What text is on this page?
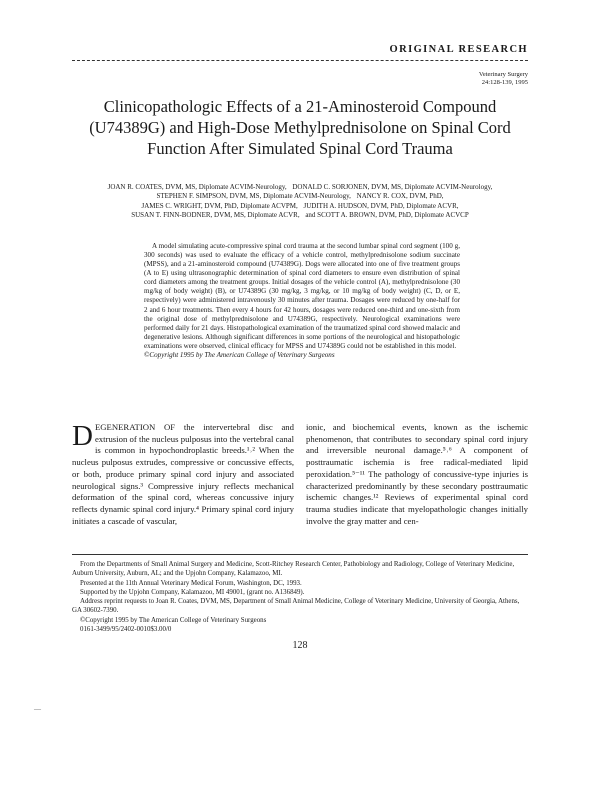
ORIGINAL RESEARCH
Veterinary Surgery
24:128-139, 1995
Clinicopathologic Effects of a 21-Aminosteroid Compound
(U74389G) and High-Dose Methylprednisolone on Spinal Cord
Function After Simulated Spinal Cord Trauma
JOAN R. COATES, DVM, MS, Diplomate ACVIM-Neurology, DONALD C. SORJONEN, DVM, MS, Diplomate ACVIM-Neurology,
STEPHEN F. SIMPSON, DVM, MS, Diplomate ACVIM-Neurology, NANCY R. COX, DVM, PhD,
JAMES C. WRIGHT, DVM, PhD, Diplomate ACVPM, JUDITH A. HUDSON, DVM, PhD, Diplomate ACVR,
SUSAN T. FINN-BODNER, DVM, MS, Diplomate ACVR, and SCOTT A. BROWN, DVM, PhD, Diplomate ACVCP

A model simulating acute-compressive spinal cord trauma at the second lumbar spinal cord segment (100 g, 300 seconds) was used to evaluate the efficacy of a vehicle control, methylprednisolone sodium succinate (MPSS), and a 21-aminosteroid compound (U74389G). Dogs were allocated into one of five treatment groups (A to E) using ultrasonographic determination of spinal cord diameters to ensure even distribution of spinal cord diameters among the treatment groups. Initial dosages of the vehicle control (A), methylprednisolone (30 mg/kg of body weight) (B), or U74389G (30 mg/kg, 3 mg/kg, or 10 mg/kg of body weight) (C, D, or E, respectively) were administered intravenously 30 minutes after trauma. Dosages were reduced by one-half for 2 and 6 hour treatments. Then every 4 hours for 42 hours, dosages were reduced one-third and one-sixth from the original dose of methylprednisolone and U74389G, respectively. Neurological examinations were performed daily for 21 days. Histopathological examination of the traumatized spinal cord showed malacic and degenerative lesions. Although significant differences in some portions of the neurological and histopathologic examinations were observed, clinical efficacy for MPSS and U74389G could not be established in this model.

©Copyright 1995 by The American College of Veterinary Surgeons

DEGENERATION OF the intervertebral disc and extrusion of the nucleus pulposus into the vertebral canal is common in hypochondroplastic breeds.¹˒² When the nucleus pulposus extrudes, compressive or concussive effects, or both, produce primary spinal cord injury and associated neurological signs.³ Compressive injury reflects mechanical deformation of the spinal cord, whereas concussive injury reflects dynamic spinal cord injury.⁴ Primary spinal cord injury initiates a cascade of vascular,

ionic, and biochemical events, known as the ischemic phenomenon, that contributes to secondary spinal cord injury and irreversible neuronal damage.⁵˒⁶ A component of posttraumatic ischemia is free radical-mediated lipid peroxidation.⁵⁻¹¹ The pathology of concussive-type injuries is characterized predominantly by these secondary posttraumatic ischemic changes.¹² Reviews of experimental spinal cord trauma studies indicate that myelopathologic changes initially involve the gray matter and cen-

From the Departments of Small Animal Surgery and Medicine, Scott-Ritchey Research Center, Pathobiology and Radiology, College of Veterinary Medicine, Auburn University, Auburn, AL; and the Upjohn Company, Kalamazoo, MI.

Presented at the 11th Annual Veterinary Medical Forum, Washington, DC, 1993.

Supported by the Upjohn Company, Kalamazoo, MI 49001, (grant no. A136849).

Address reprint requests to Joan R. Coates, DVM, MS, Department of Small Animal Medicine, College of Veterinary Medicine, University of Georgia, Athens, GA 30602-7390.

©Copyright 1995 by The American College of Veterinary Surgeons

0161-3499/95/2402-0010$3.00/0

128
—
